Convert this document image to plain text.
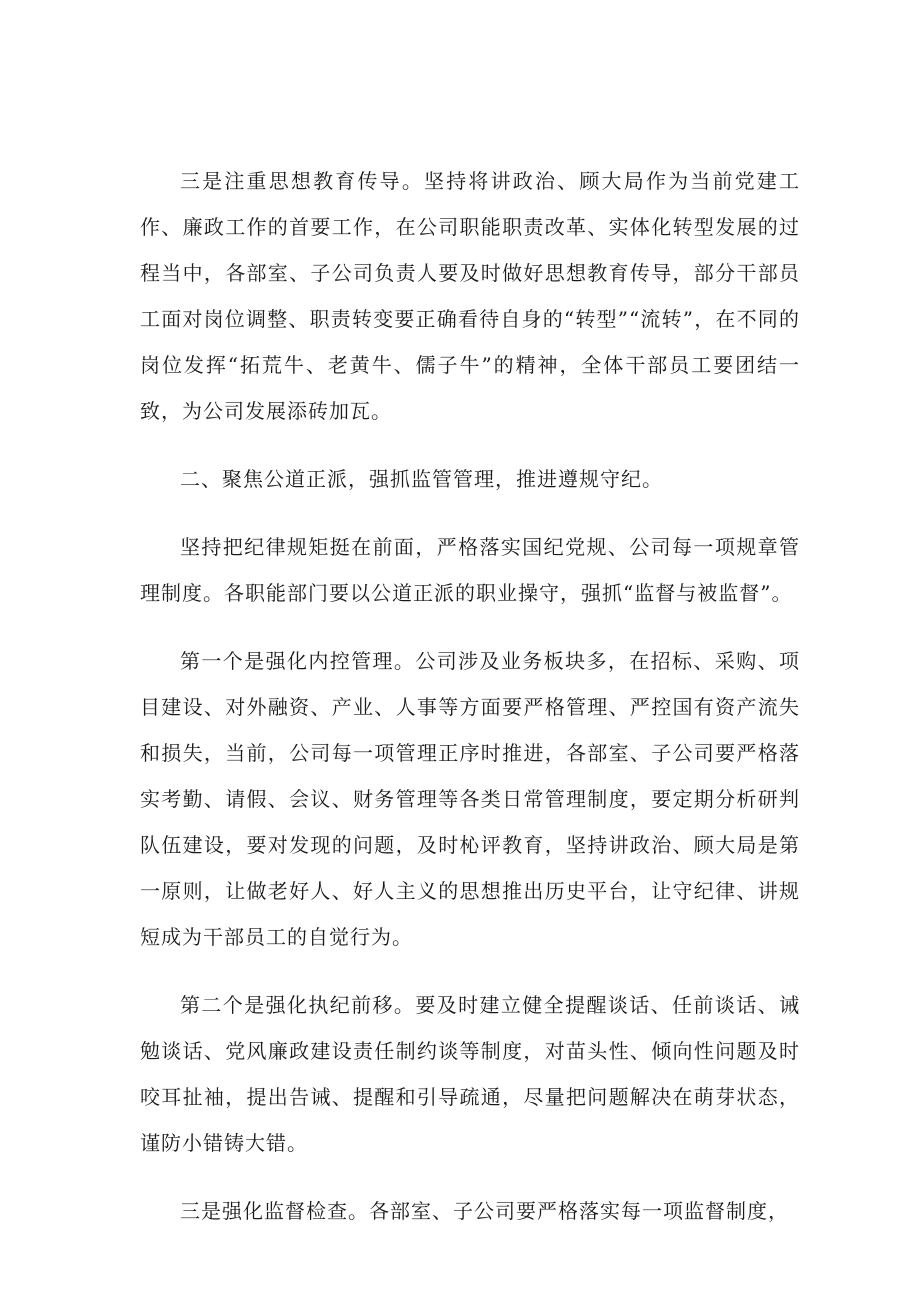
三是注重思想教育传导。坚持将讲政治、顾大局作为当前党建工作、廉政工作的首要工作，在公司职能职责改革、实体化转型发展的过程当中，各部室、子公司负责人要及时做好思想教育传导，部分干部员工面对岗位调整、职责转变要正确看待自身的“转型”“流转”，在不同的岗位发挥“拓荒牛、老黄牛、儒子牛”的精神，全体干部员工要团结一致，为公司发展添砖加瓦。

二、聚焦公道正派，强抓监管管理，推进遵规守纪。

坚持把纪律规矩挺在前面，严格落实国纪党规、公司每一项规章管理制度。各职能部门要以公道正派的职业操守，强抓“监督与被监督”。

第一个是强化内控管理。公司涉及业务板块多，在招标、采购、项目建设、对外融资、产业、人事等方面要严格管理、严控国有资产流失和损失，当前，公司每一项管理正序时推进，各部室、子公司要严格落实考勤、请假、会议、财务管理等各类日常管理制度，要定期分析研判队伍建设，要对发现的问题，及时杺评教育，坚持讲政治、顾大局是第一原则，让做老好人、好人主义的思想推出历史平台，让守纪律、讲规短成为干部员工的自觉行为。

第二个是强化执纪前移。要及时建立健全提醒谈话、任前谈话、诫勉谈话、党风廉政建设责任制约谈等制度，对苗头性、倾向性问题及时咬耳扯袖，提出告诫、提醒和引导疏通，尽量把问题解决在萌芽状态，谨防小错铸大错。

三是强化监督检查。各部室、子公司要严格落实每一项监督制度，
